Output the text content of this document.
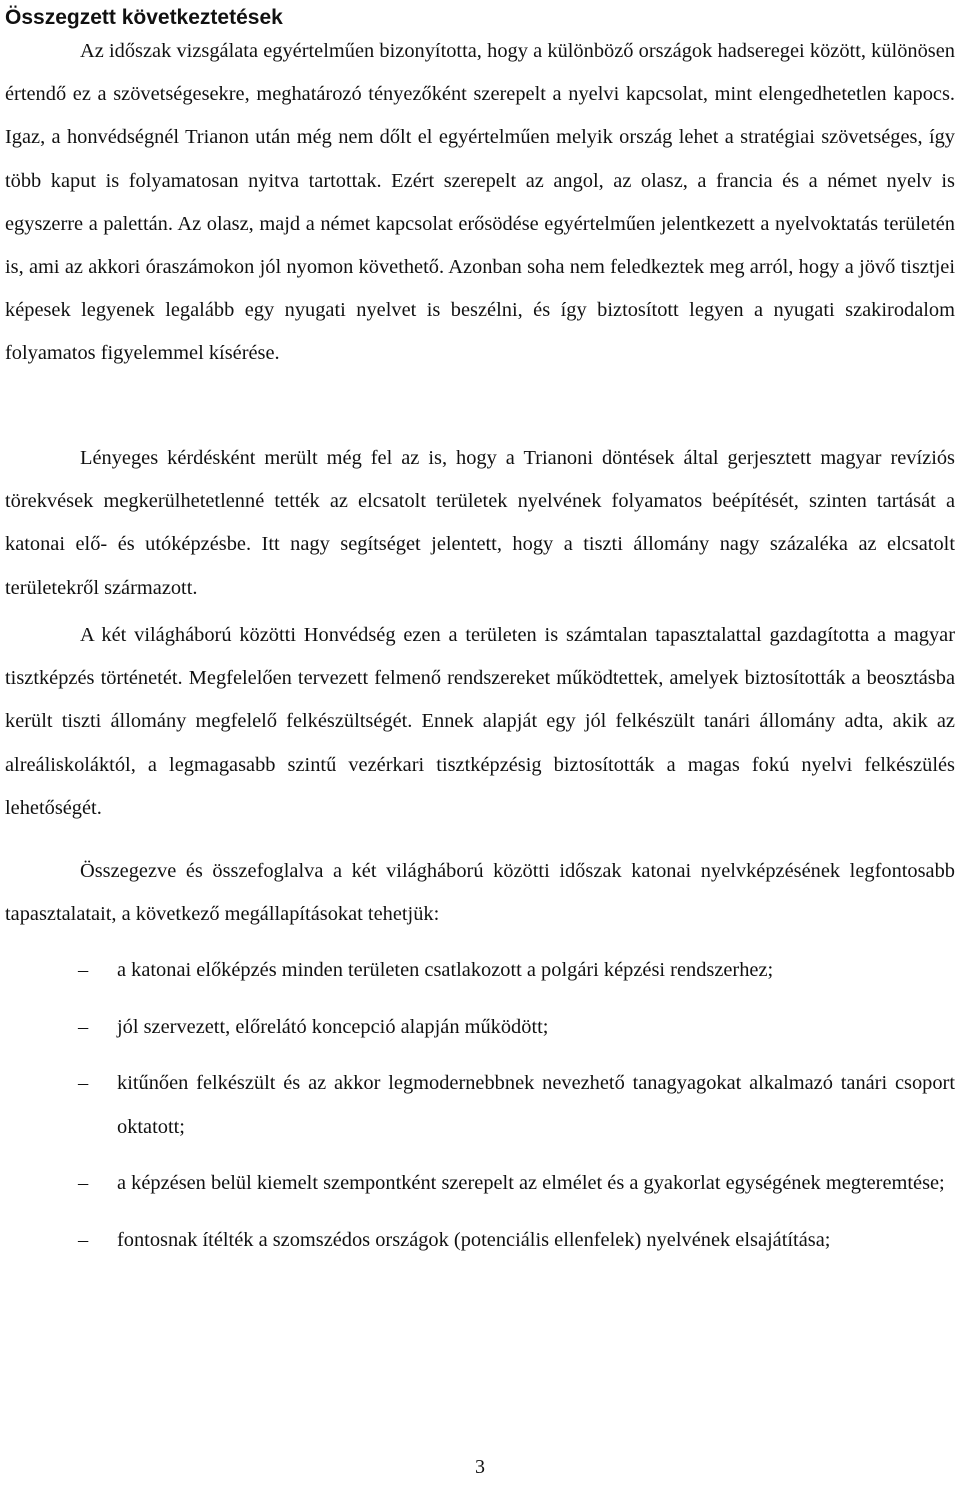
Összegzett következtetések

Az időszak vizsgálata egyértelműen bizonyította, hogy a különböző országok hadseregei között, különösen értendő ez a szövetségesekre, meghatározó tényezőként szerepelt a nyelvi kapcsolat, mint elengedhetetlen kapocs. Igaz, a honvédségnél Trianon után még nem dőlt el egyértelműen melyik ország lehet a stratégiai szövetséges, így több kaput is folyamatosan nyitva tartottak. Ezért szerepelt az angol, az olasz, a francia és a német nyelv is egyszerre a palettán. Az olasz, majd a német kapcsolat erősödése egyértelműen jelentkezett a nyelvoktatás területén is, ami az akkori óraszámokon jól nyomon követhető. Azonban soha nem feledkeztek meg arról, hogy a jövő tisztjei képesek legyenek legalább egy nyugati nyelvet is beszélni, és így biztosított legyen a nyugati szakirodalom folyamatos figyelemmel kísérése.

Lényeges kérdésként merült még fel az is, hogy a Trianoni döntések által gerjesztett magyar revíziós törekvések megkerülhetetlenné tették az elcsatolt területek nyelvének folyamatos beépítését, szinten tartását a katonai elő- és utóképzésbe. Itt nagy segítséget jelentett, hogy a tiszti állomány nagy százaléka az elcsatolt területekről származott.

A két világháború közötti Honvédség ezen a területen is számtalan tapasztalattal gazdagította a magyar tisztképzés történetét. Megfelelően tervezett felmenő rendszereket működtettek, amelyek biztosították a beosztásba került tiszti állomány megfelelő felkészültségét. Ennek alapját egy jól felkészült tanári állomány adta, akik az alreáliskoláktól, a legmagasabb szintű vezérkari tisztképzésig biztosították a magas fokú nyelvi felkészülés lehetőségét.

Összegezve és összefoglalva a két világháború közötti időszak katonai nyelvképzésének legfontosabb tapasztalatait, a következő megállapításokat tehetjük:

– a katonai előképzés minden területen csatlakozott a polgári képzési rendszerhez;
– jól szervezett, előrelátó koncepció alapján működött;
– kitűnően felkészült és az akkor legmodernebbnek nevezhető tanagyagokat alkalmazó tanári csoport oktatott;
– a képzésen belül kiemelt szempontként szerepelt az elmélet és a gyakorlat egységének megteremtése;
– fontosnak ítélték a szomszédos országok (potenciális ellenfelek) nyelvének elsajátítása;
3
